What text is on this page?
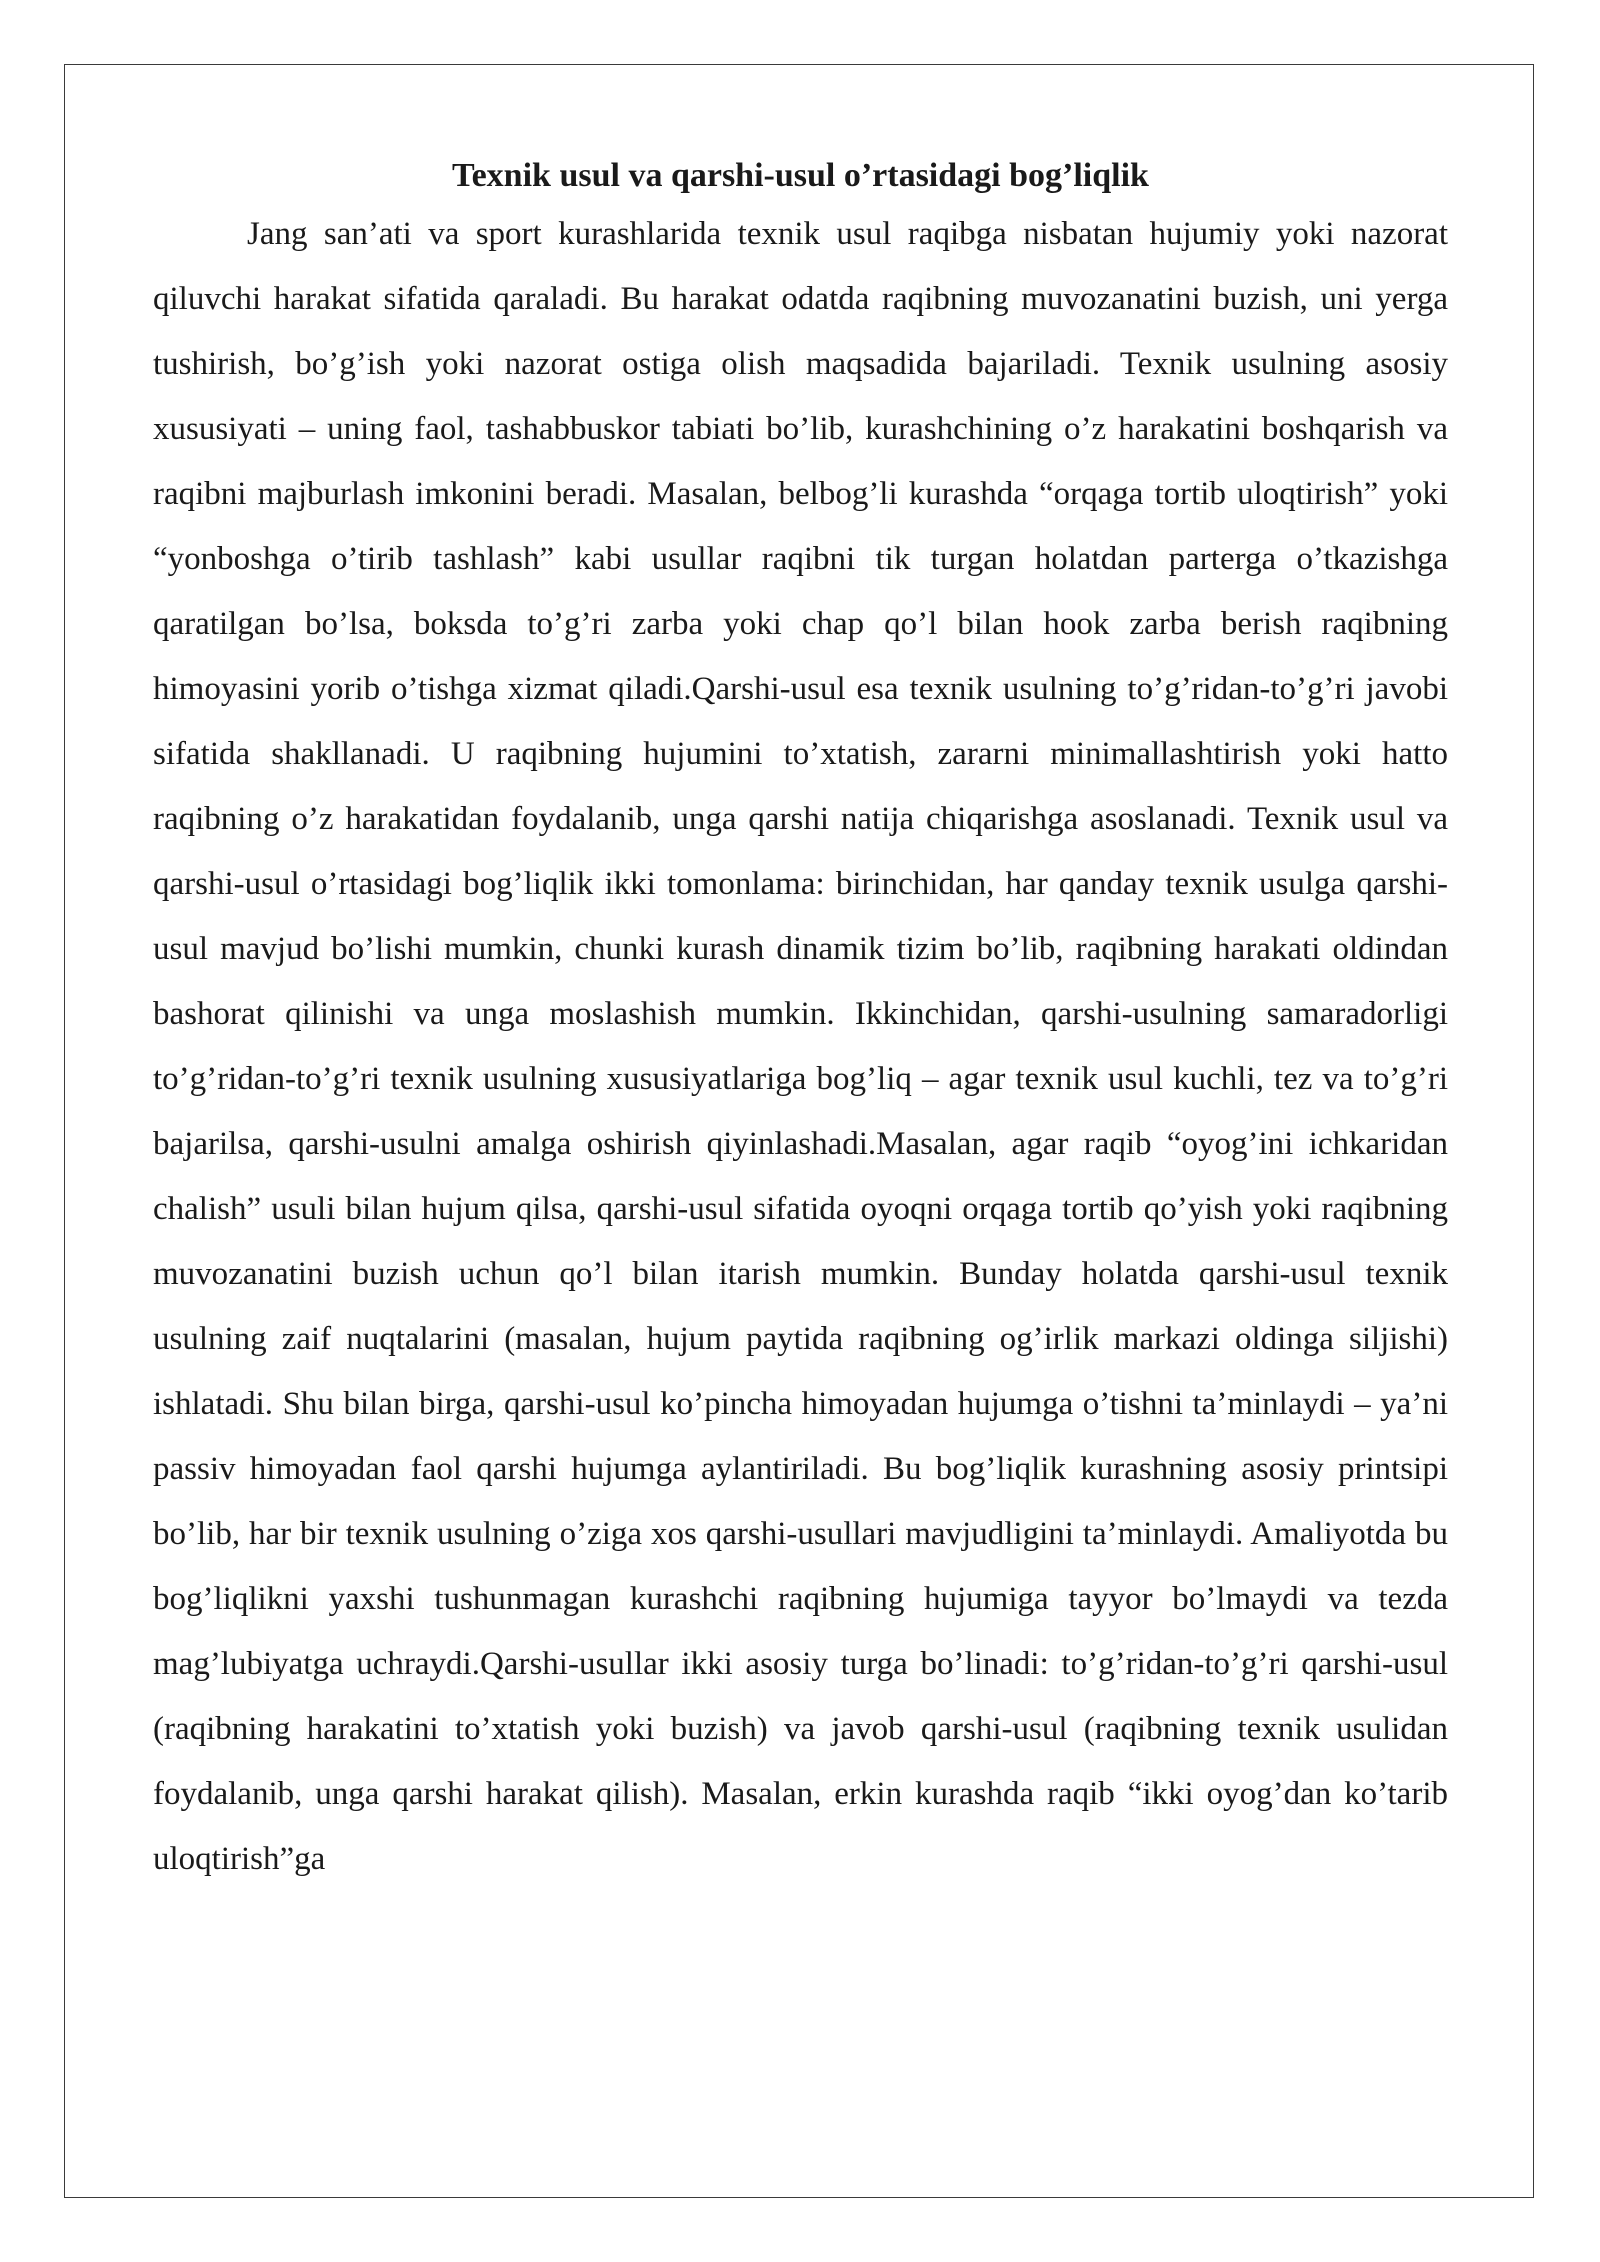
Texnik usul va qarshi-usul o’rtasidagi bog’liqlik

Jang san’ati va sport kurashlarida texnik usul raqibga nisbatan hujumiy yoki nazorat qiluvchi harakat sifatida qaraladi. Bu harakat odatda raqibning muvozanatini buzish, uni yerga tushirish, bo’g’ish yoki nazorat ostiga olish maqsadida bajariladi. Texnik usulning asosiy xususiyati – uning faol, tashabbuskor tabiati bo’lib, kurashchining o’z harakatini boshqarish va raqibni majburlash imkonini beradi. Masalan, belbog’li kurashda “orqaga tortib uloqtirish” yoki “yonboshga o’tirib tashlash” kabi usullar raqibni tik turgan holatdan parterga o’tkazishga qaratilgan bo’lsa, boksda to’g’ri zarba yoki chap qo’l bilan hook zarba berish raqibning himoyasini yorib o’tishga xizmat qiladi.Qarshi-usul esa texnik usulning to’g’ridan-to’g’ri javobi sifatida shakllanadi. U raqibning hujumini to’xtatish, zararni minimallashtirish yoki hatto raqibning o’z harakatidan foydalanib, unga qarshi natija chiqarishga asoslanadi. Texnik usul va qarshi-usul o’rtasidagi bog’liqlik ikki tomonlama: birinchidan, har qanday texnik usulga qarshi-usul mavjud bo’lishi mumkin, chunki kurash dinamik tizim bo’lib, raqibning harakati oldindan bashorat qilinishi va unga moslashish mumkin. Ikkinchidan, qarshi-usulning samaradorligi to’g’ridan-to’g’ri texnik usulning xususiyatlariga bog’liq – agar texnik usul kuchli, tez va to’g’ri bajarilsa, qarshi-usulni amalga oshirish qiyinlashadi.Masalan, agar raqib “oyog’ini ichkaridan chalish” usuli bilan hujum qilsa, qarshi-usul sifatida oyoqni orqaga tortib qo’yish yoki raqibning muvozanatini buzish uchun qo’l bilan itarish mumkin. Bunday holatda qarshi-usul texnik usulning zaif nuqtalarini (masalan, hujum paytida raqibning og’irlik markazi oldinga siljishi) ishlatadi. Shu bilan birga, qarshi-usul ko’pincha himoyadan hujumga o’tishni ta’minlaydi – ya’ni passiv himoyadan faol qarshi hujumga aylantiriladi. Bu bog’liqlik kurashning asosiy printsipi bo’lib, har bir texnik usulning o’ziga xos qarshi-usullari mavjudligini ta’minlaydi. Amaliyotda bu bog’liqlikni yaxshi tushunmagan kurashchi raqibning hujumiga tayyor bo’lmaydi va tezda mag’lubiyatga uchraydi.Qarshi-usullar ikki asosiy turga bo’linadi: to’g’ridan-to’g’ri qarshi-usul (raqibning harakatini to’xtatish yoki buzish) va javob qarshi-usul (raqibning texnik usulidan foydalanib, unga qarshi harakat qilish). Masalan, erkin kurashda raqib “ikki oyog’dan ko’tarib uloqtirish”ga
